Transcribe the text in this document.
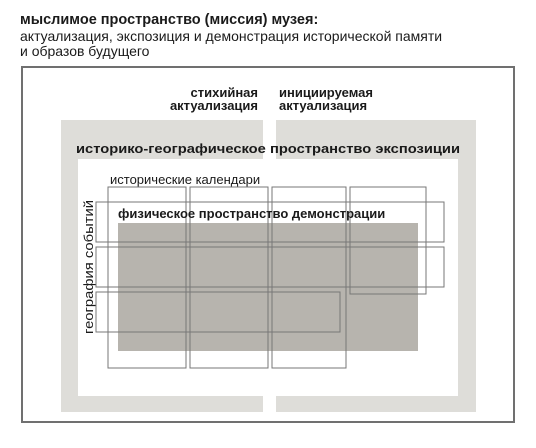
мыслимое пространство (миссия) музея:
актуализация, экспозиция и демонстрация исторической памяти
и образов будущего
стихийная
актуализация
инициируемая
актуализация
историко-географическое пространство экспозиции
исторические календари
физическое пространство демонстрации
география событий
